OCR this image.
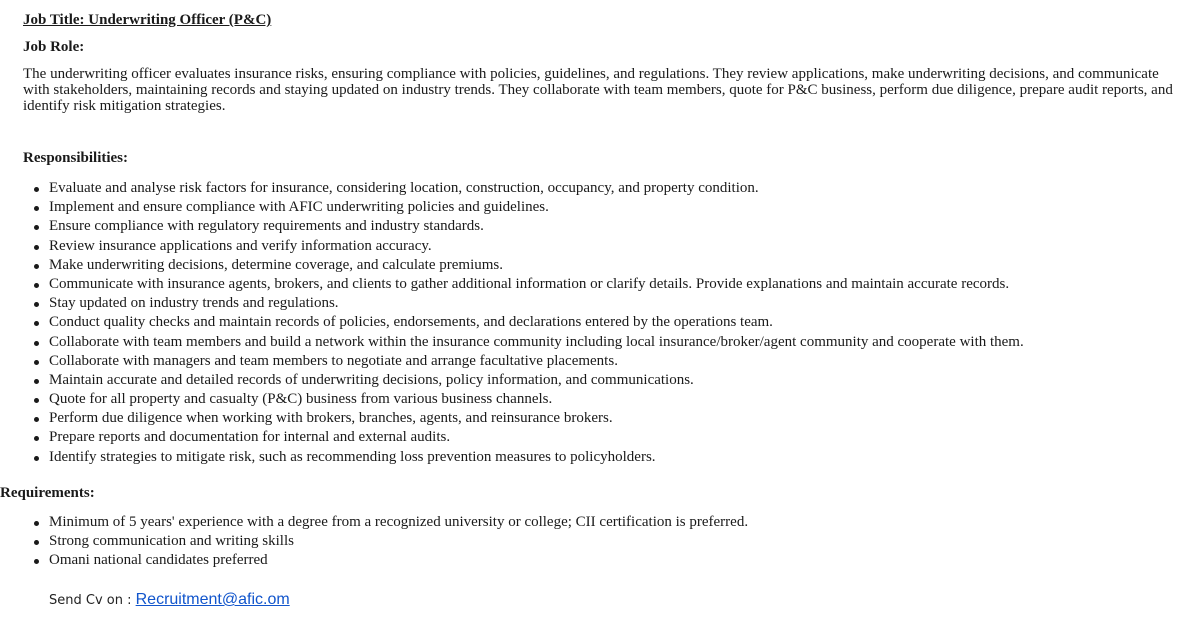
Job Title: Underwriting Officer (P&C)

Job Role:

The underwriting officer evaluates insurance risks, ensuring compliance with policies, guidelines, and regulations. They review applications, make underwriting decisions, and communicate with stakeholders, maintaining records and staying updated on industry trends. They collaborate with team members, quote for P&C business, perform due diligence, prepare audit reports, and identify risk mitigation strategies.

Responsibilities:

Evaluate and analyse risk factors for insurance, considering location, construction, occupancy, and property condition.
Implement and ensure compliance with AFIC underwriting policies and guidelines.
Ensure compliance with regulatory requirements and industry standards.
Review insurance applications and verify information accuracy.
Make underwriting decisions, determine coverage, and calculate premiums.
Communicate with insurance agents, brokers, and clients to gather additional information or clarify details. Provide explanations and maintain accurate records.
Stay updated on industry trends and regulations.
Conduct quality checks and maintain records of policies, endorsements, and declarations entered by the operations team.
Collaborate with team members and build a network within the insurance community including local insurance/broker/agent community and cooperate with them.
Collaborate with managers and team members to negotiate and arrange facultative placements.
Maintain accurate and detailed records of underwriting decisions, policy information, and communications.
Quote for all property and casualty (P&C) business from various business channels.
Perform due diligence when working with brokers, branches, agents, and reinsurance brokers.
Prepare reports and documentation for internal and external audits.
Identify strategies to mitigate risk, such as recommending loss prevention measures to policyholders.

Requirements:

Minimum of 5 years' experience with a degree from a recognized university or college; CII certification is preferred.
Strong communication and writing skills
Omani national candidates preferred

Send Cv on : Recruitment@afic.om
